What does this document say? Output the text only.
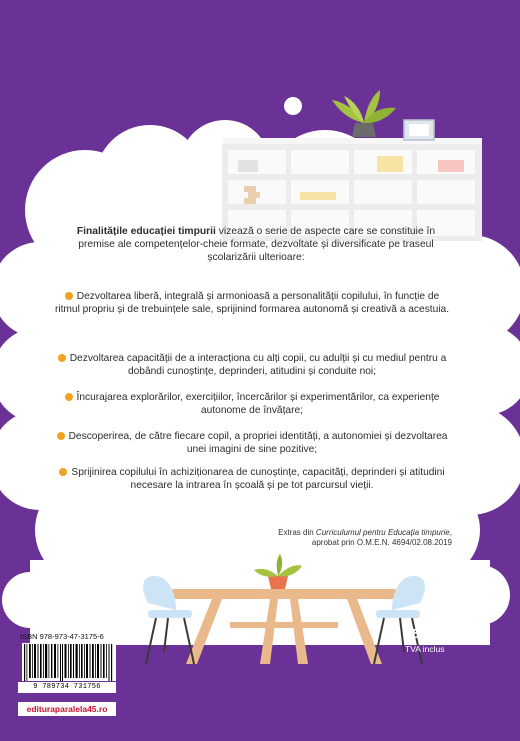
Finalitățile educației timpurii vizează o serie de aspecte care se constituie în premise ale competențelor-cheie formate, dezvoltate și diversificate pe traseul școlarizării ulterioare:
Dezvoltarea liberă, integrală și armonioasă a personalității copilului, în funcție de ritmul propriu și de trebuințele sale, sprijinind formarea autonomă și creativă a acestuia.
Dezvoltarea capacității de a interacționa cu alți copii, cu adulții și cu mediul pentru a dobândi cunoștințe, deprinderi, atitudini și conduite noi;
Încurajarea explorărilor, exercițiilor, încercărilor și experimentărilor, ca experiențe autonome de învățare;
Descoperirea, de către fiecare copil, a propriei identități, a autonomiei și dezvoltarea unei imagini de sine pozitive;
Sprijinirea copilului în achiziționarea de cunoștințe, capacități, deprinderi și atitudini necesare la intrarea în școală și pe tot parcursul vieții.
Extras din Curriculumul pentru Educația timpurie,
aprobat prin O.M.E.N. 4694/02.08.2019
ISBN 978-973-47-3175-6
9 789734 731756
edituraparalela45.ro
15.00 LEI
TVA inclus
